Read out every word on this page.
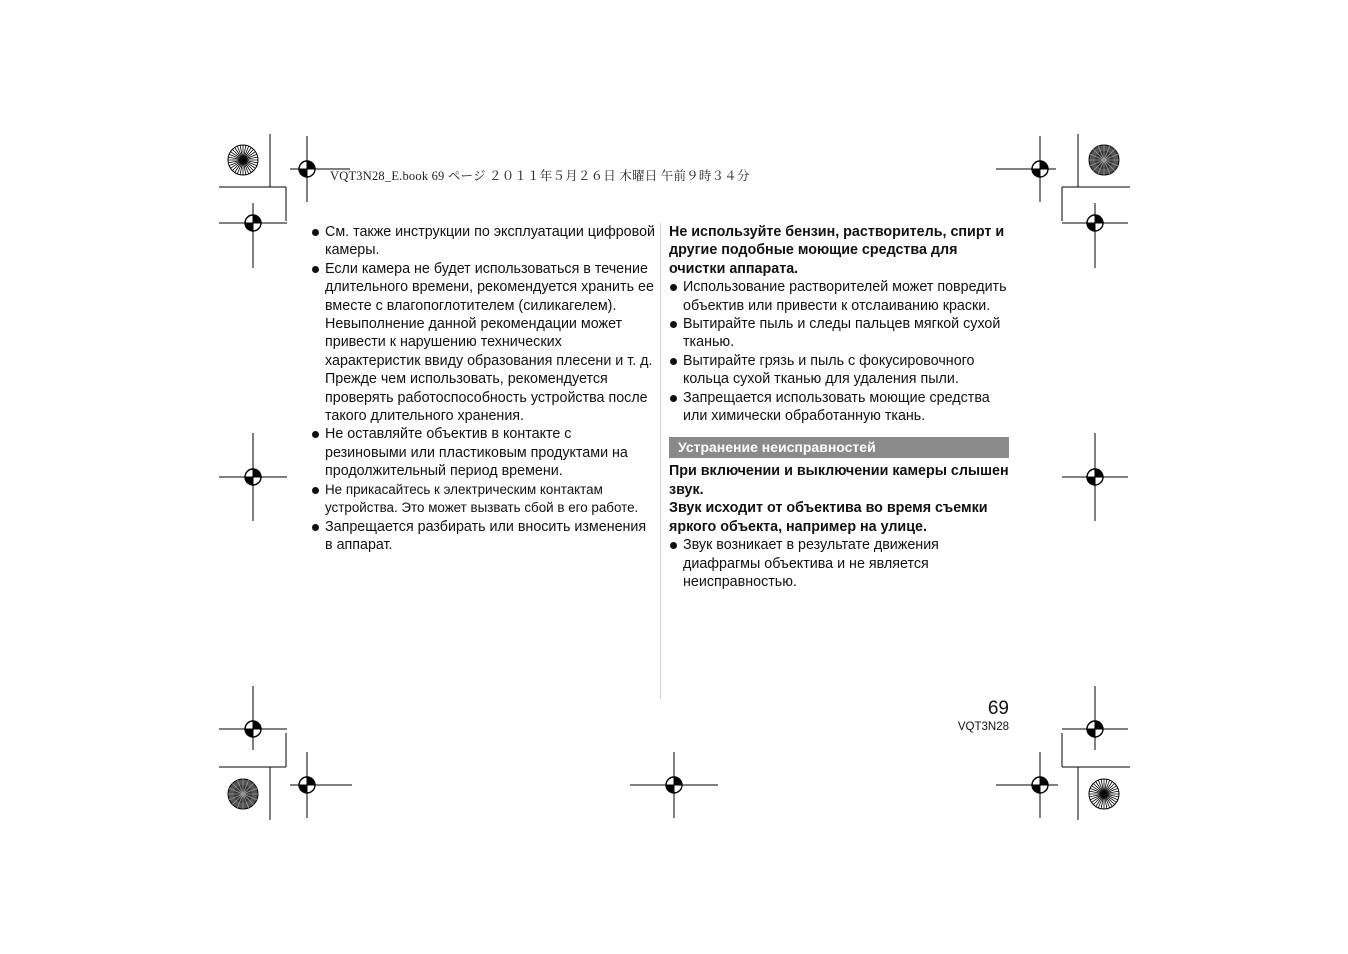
VQT3N28_E.book 69 ページ ２０１１年５月２６日 木曜日 午前９時３４分
См. также инструкции по эксплуатации цифровой камеры.
Если камера не будет использоваться в течение длительного времени, рекомендуется хранить ее вместе с влагопоглотителем (силикагелем). Невыполнение данной рекомендации может привести к нарушению технических характеристик ввиду образования плесени и т. д. Прежде чем использовать, рекомендуется проверять работоспособность устройства после такого длительного хранения.
Не оставляйте объектив в контакте с резиновыми или пластиковым продуктами на продолжительный период времени.
Не прикасайтесь к электрическим контактам устройства. Это может вызвать сбой в его работе.
Запрещается разбирать или вносить изменения в аппарат.
Не используйте бензин, растворитель, спирт и другие подобные моющие средства для очистки аппарата.
Использование растворителей может повредить объектив или привести к отслаиванию краски.
Вытирайте пыль и следы пальцев мягкой сухой тканью.
Вытирайте грязь и пыль с фокусировочного кольца сухой тканью для удаления пыли.
Запрещается использовать моющие средства или химически обработанную ткань.
Устранение неисправностей
При включении и выключении камеры слышен звук.
Звук исходит от объектива во время съемки яркого объекта, например на улице.
Звук возникает в результате движения диафрагмы объектива и не является неисправностью.
69
VQT3N28
